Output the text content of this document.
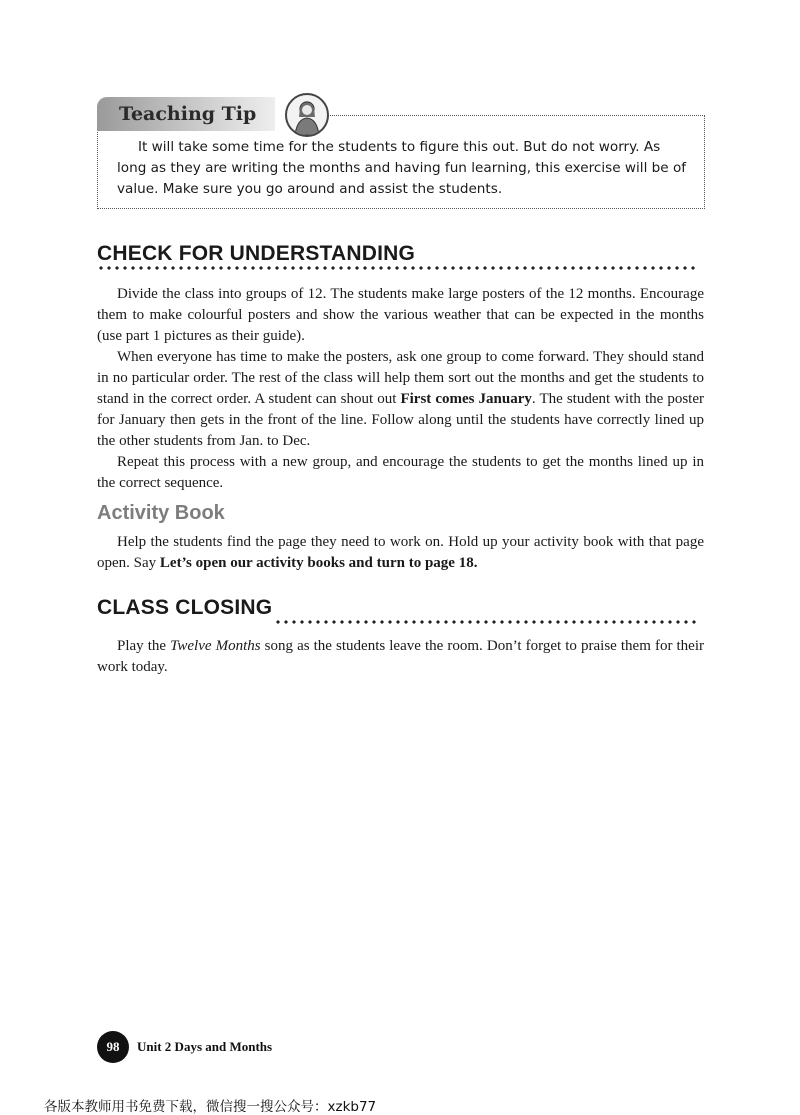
Teaching Tip
It will take some time for the students to figure this out. But do not worry. As long as they are writing the months and having fun learning, this exercise will be of value. Make sure you go around and assist the students.
CHECK FOR UNDERSTANDING

Divide the class into groups of 12. The students make large posters of the 12 months. Encourage them to make colourful posters and show the various weather that can be expected in the months (use part 1 pictures as their guide).

When everyone has time to make the posters, ask one group to come forward. They should stand in no particular order. The rest of the class will help them sort out the months and get the students to stand in the correct order. A student can shout out First comes January. The student with the poster for January then gets in the front of the line. Follow along until the students have correctly lined up the other students from Jan. to Dec.

Repeat this process with a new group, and encourage the students to get the months lined up in the correct sequence.

Activity Book

Help the students find the page they need to work on. Hold up your activity book with that page open. Say Let’s open our activity books and turn to page 18.

CLASS CLOSING

Play the Twelve Months song as the students leave the room. Don’t forget to praise them for their work today.

98	Unit 2 Days and Months
各版本教师用书免费下载，微信搜一搜公众号：xzkb77
